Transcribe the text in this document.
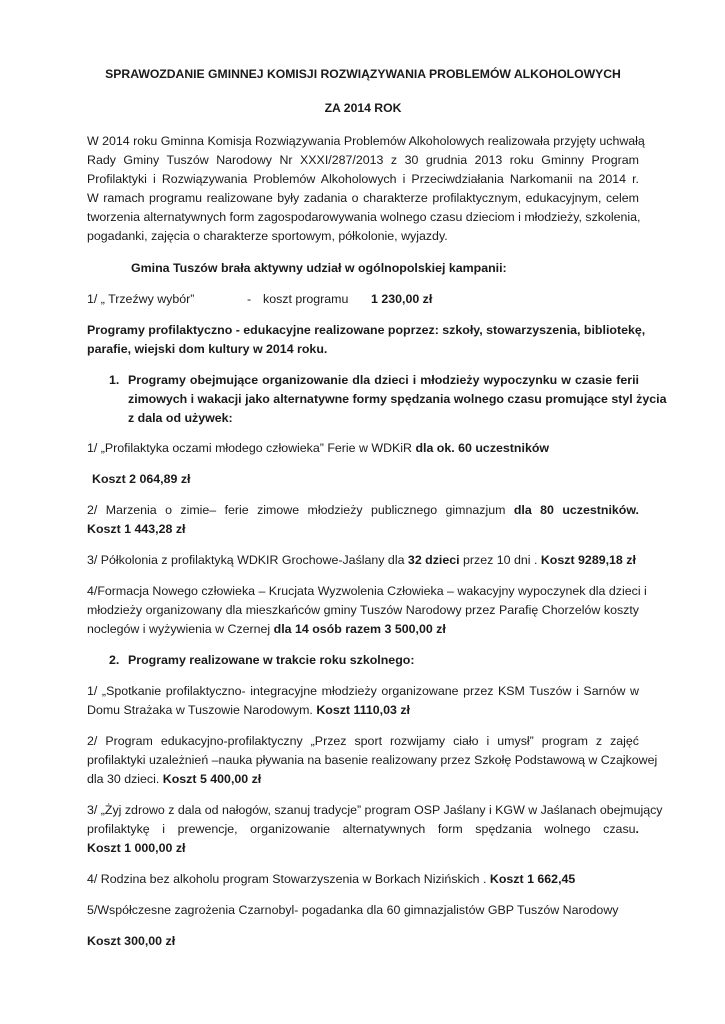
SPRAWOZDANIE GMINNEJ KOMISJI ROZWIĄZYWANIA PROBLEMÓW ALKOHOLOWYCH
ZA 2014 ROK
W 2014 roku Gminna Komisja Rozwiązywania Problemów Alkoholowych realizowała przyjęty uchwałą
Rady Gminy Tuszów Narodowy Nr XXXI/287/2013 z 30 grudnia 2013 roku Gminny Program
Profilaktyki i Rozwiązywania Problemów Alkoholowych i Przeciwdziałania Narkomanii na 2014 r.
W ramach programu realizowane były zadania o charakterze profilaktycznym, edukacyjnym, celem
tworzenia alternatywnych form zagospodarowywania wolnego czasu dzieciom i młodzieży, szkolenia,
pogadanki, zajęcia o charakterze sportowym, półkolonie, wyjazdy.
Gmina Tuszów brała aktywny udział w ogólnopolskiej kampanii:
1/ „ Trzeźwy wybór”	- koszt programu 1 230,00 zł
Programy profilaktyczno - edukacyjne realizowane poprzez: szkoły, stowarzyszenia, bibliotekę,
parafie, wiejski dom kultury w 2014 roku.
1. Programy obejmujące organizowanie dla dzieci i młodzieży wypoczynku w czasie ferii
zimowych i wakacji jako alternatywne formy spędzania wolnego czasu promujące styl życia
z dala od używek:
1/ „Profilaktyka oczami młodego człowieka” Ferie w WDKiR dla ok. 60 uczestników
Koszt 2 064,89 zł
2/ Marzenia o zimie– ferie zimowe młodzieży publicznego gimnazjum dla 80 uczestników.
Koszt 1 443,28 zł
3/ Półkolonia z profilaktyką WDKIR Grochowe-Jaślany dla 32 dzieci przez 10 dni . Koszt 9289,18 zł
4/Formacja Nowego człowieka – Krucjata Wyzwolenia Człowieka – wakacyjny wypoczynek dla dzieci i
młodzieży organizowany dla mieszkańców gminy Tuszów Narodowy przez Parafię Chorzelów koszty
noclegów i wyżywienia w Czernej dla 14 osób razem 3 500,00 zł
2. Programy realizowane w trakcie roku szkolnego:
1/ „Spotkanie profilaktyczno- integracyjne młodzieży organizowane przez KSM Tuszów i Sarnów w
Domu Strażaka w Tuszowie Narodowym. Koszt 1110,03 zł
2/ Program edukacyjno-profilaktyczny „Przez sport rozwijamy ciało i umysł” program z zajęć
profilaktyki uzależnień –nauka pływania na basenie realizowany przez Szkołę Podstawową w Czajkowej
dla 30 dzieci. Koszt 5 400,00 zł
3/ „Żyj zdrowo z dala od nałogów, szanuj tradycje” program OSP Jaślany i KGW w Jaślanach obejmujący
profilaktykę i prewencje, organizowanie alternatywnych form spędzania wolnego czasu.
Koszt 1 000,00 zł
4/ Rodzina bez alkoholu program Stowarzyszenia w Borkach Nizińskich . Koszt 1 662,45
5/Współczesne zagrożenia Czarnobyl- pogadanka dla 60 gimnazjalistów GBP Tuszów Narodowy
Koszt 300,00 zł
